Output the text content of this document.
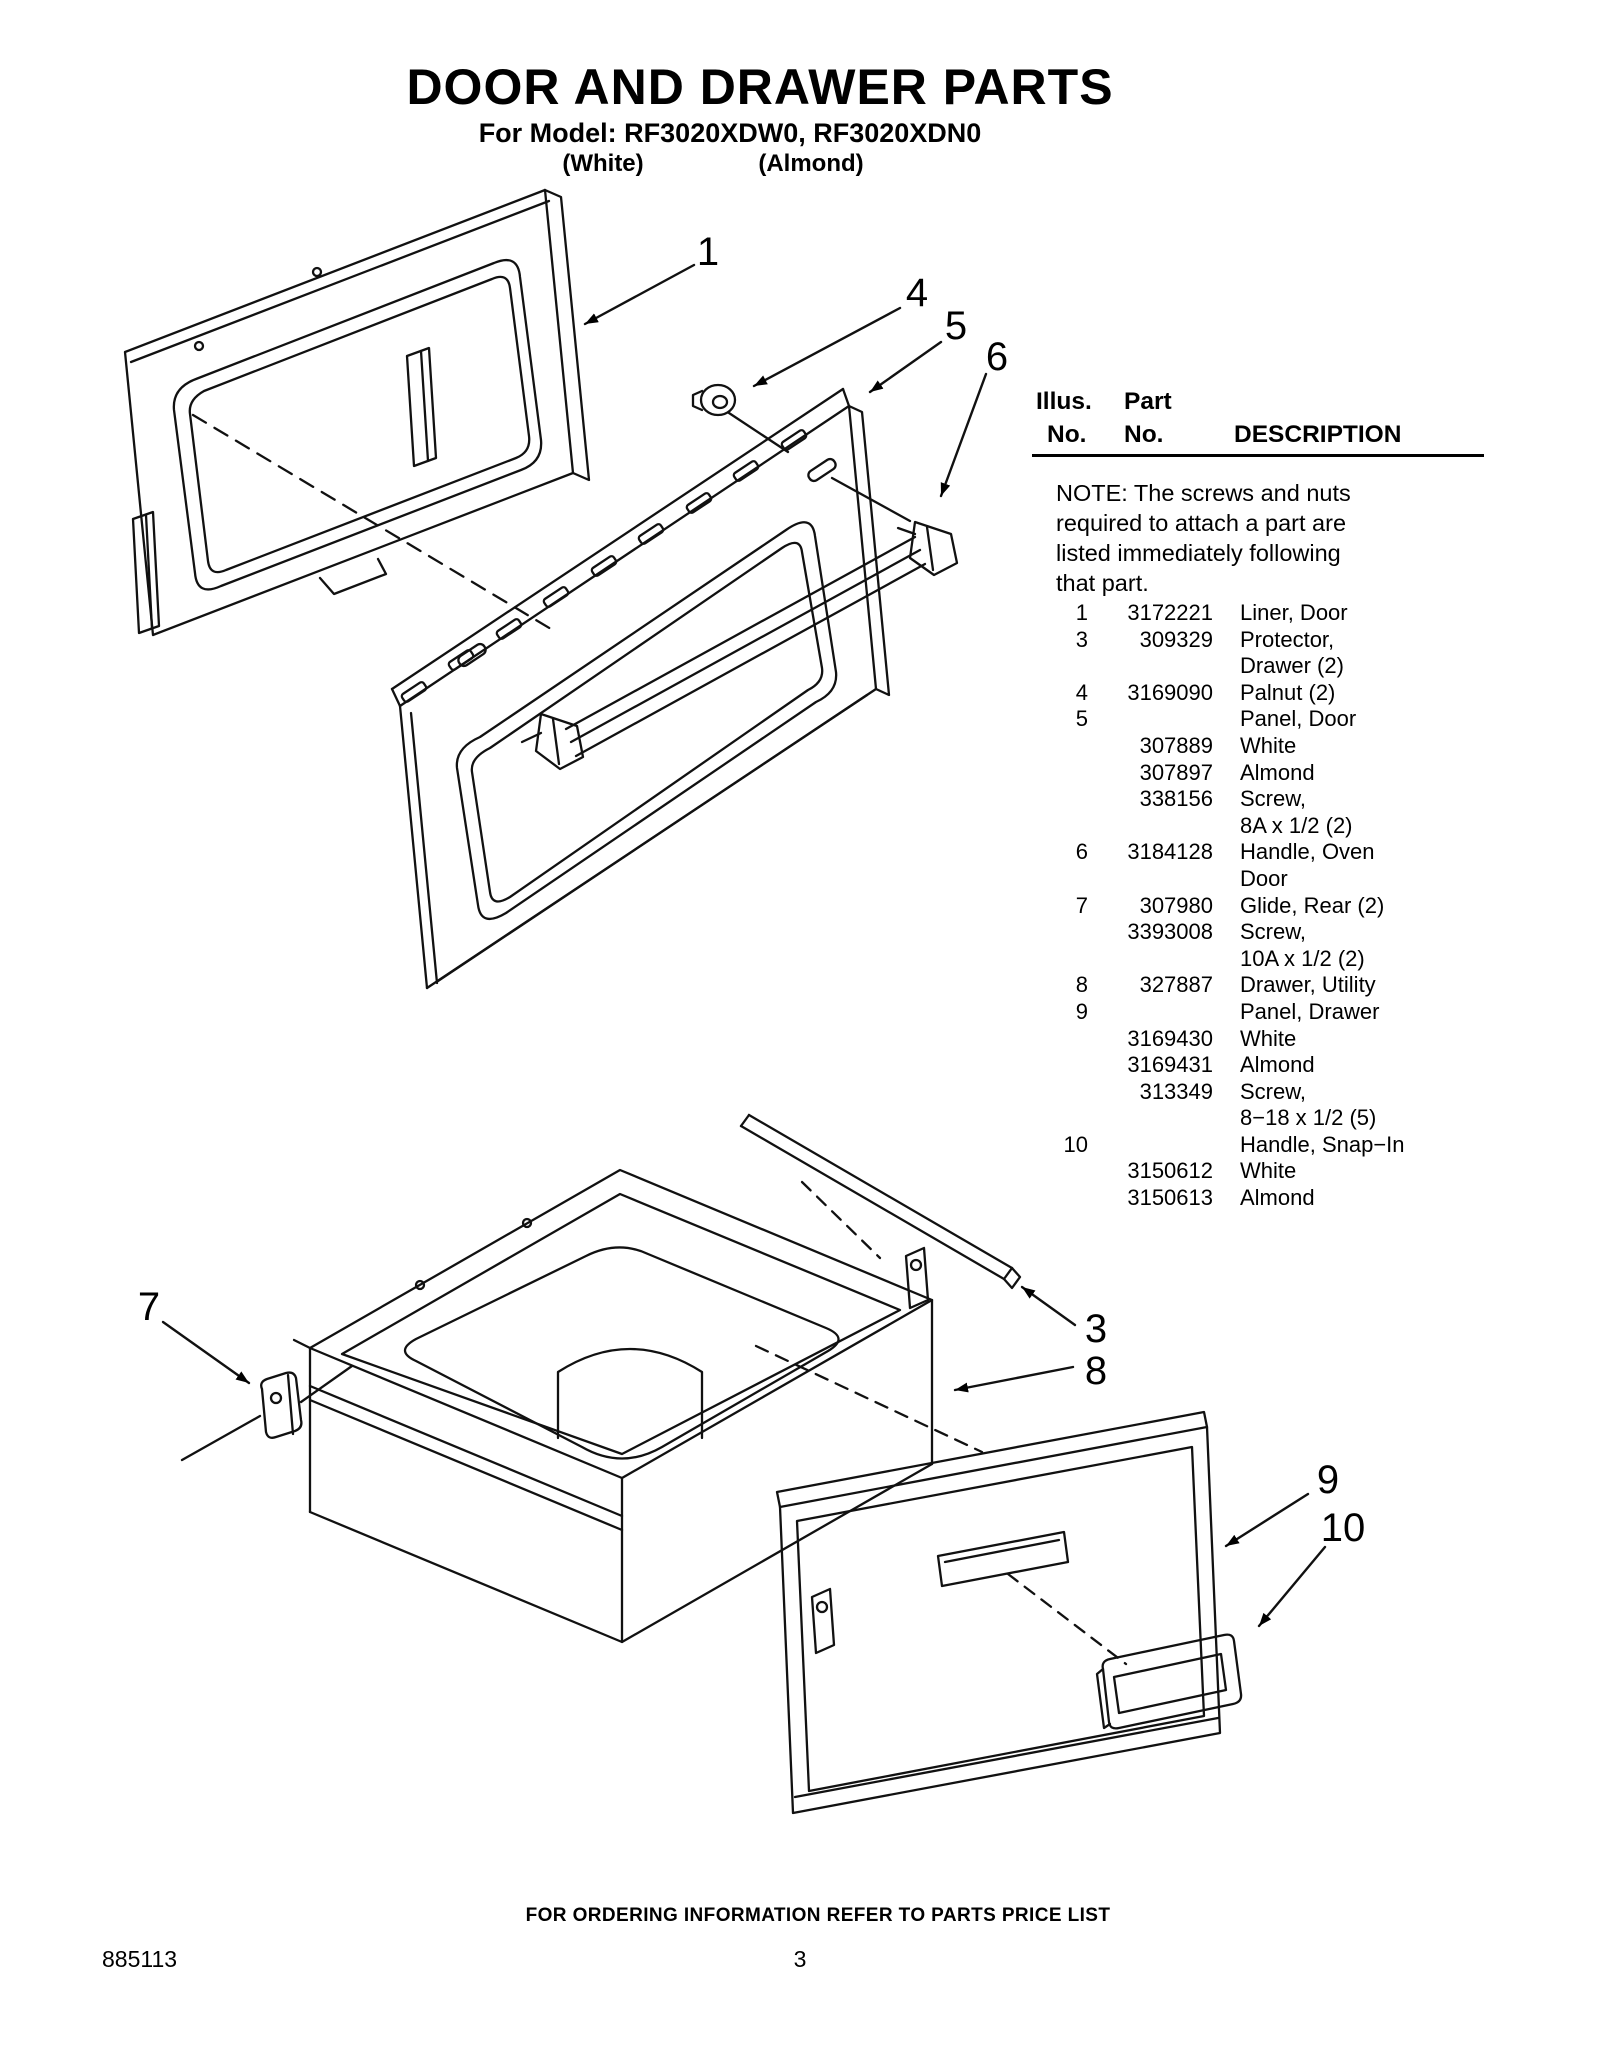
DOOR AND DRAWER PARTS
For Model: RF3020XDW0, RF3020XDN0
(White)	(Almond)
1
4
5
6
7	3
8
9
10
Illus. Part
No. No.	DESCRIPTION
NOTE: The screws and nuts
required to attach a part are
listed immediately following
that part.
1	3172221	Liner, Door
3	309329	Protector,
Drawer (2)
4	3169090	Palnut (2)
5	Panel, Door
307889	White
307897	Almond
338156	Screw,
8A x 1/2 (2)
6	3184128	Handle, Oven
Door
7	307980	Glide, Rear (2)
3393008	Screw,
10A x 1/2 (2)
8	327887	Drawer, Utility
9	Panel, Drawer
3169430	White
3169431	Almond
313349	Screw,
8−18 x 1/2 (5)
10	Handle, Snap−In
3150612	White
3150613	Almond
FOR ORDERING INFORMATION REFER TO PARTS PRICE LIST
885113	3
